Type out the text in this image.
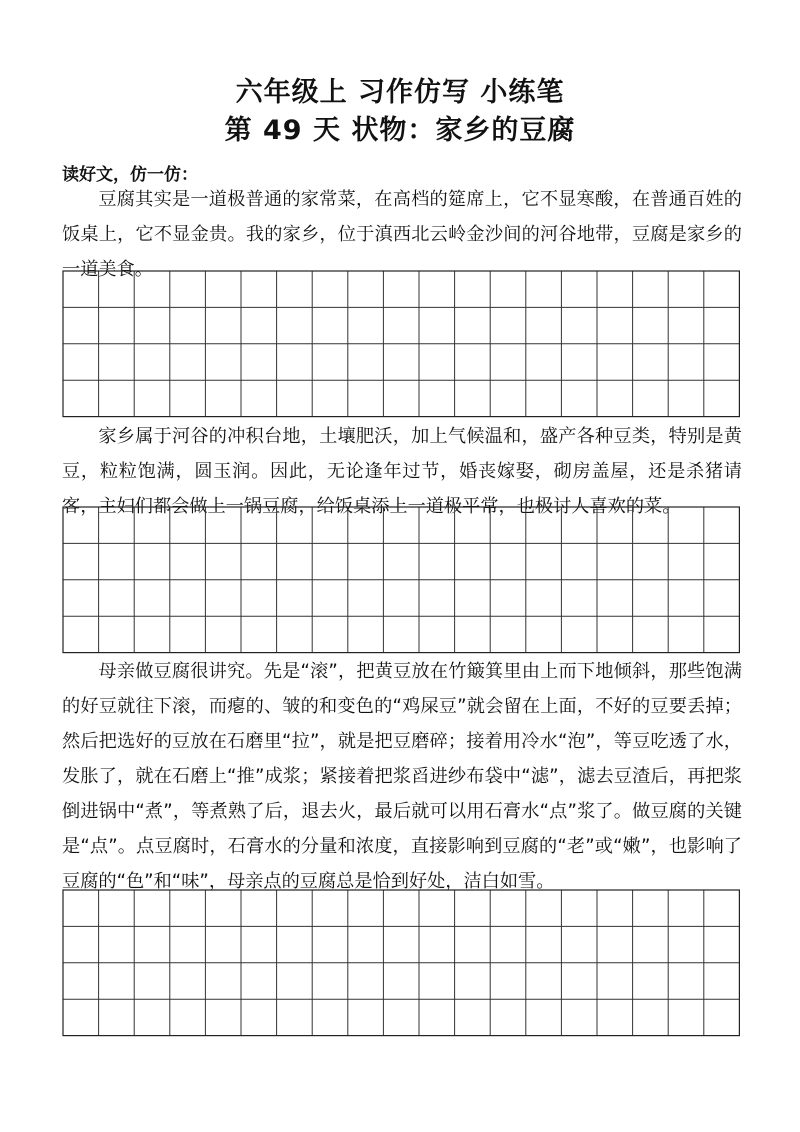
六年级上 习作仿写 小练笔
第 49 天 状物：家乡的豆腐
读好文，仿一仿：

豆腐其实是一道极普通的家常菜，在高档的筵席上，它不显寒酸，在普通百姓的饭桌上，它不显金贵。我的家乡，位于滇西北云岭金沙间的河谷地带，豆腐是家乡的一道美食。

家乡属于河谷的冲积台地，土壤肥沃，加上气候温和，盛产各种豆类，特别是黄豆，粒粒饱满，圆玉润。因此，无论逢年过节，婚丧嫁娶，砌房盖屋，还是杀猪请客，主妇们都会做上一锅豆腐，给饭桌添上一道极平常，也极讨人喜欢的菜。

母亲做豆腐很讲究。先是“滚”，把黄豆放在竹簸箕里由上而下地倾斜，那些饱满的好豆就往下滚，而瘪的、皱的和变色的“鸡屎豆”就会留在上面，不好的豆要丢掉；然后把选好的豆放在石磨里“拉”，就是把豆磨碎；接着用冷水“泡”，等豆吃透了水，发胀了，就在石磨上“推”成浆；紧接着把浆舀进纱布袋中“滤”，滤去豆渣后，再把浆倒进锅中“煮”，等煮熟了后，退去火，最后就可以用石膏水“点”浆了。做豆腐的关键是“点”。点豆腐时，石膏水的分量和浓度，直接影响到豆腐的“老”或“嫩”，也影响了豆腐的“色”和“味”，母亲点的豆腐总是恰到好处，洁白如雪。
